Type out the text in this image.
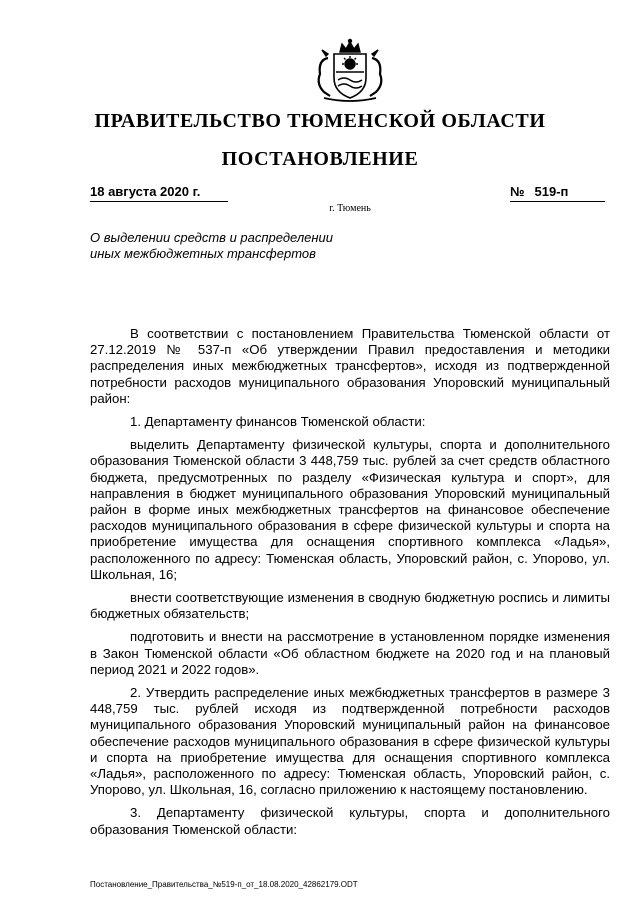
ПРАВИТЕЛЬСТВО ТЮМЕНСКОЙ ОБЛАСТИ
ПОСТАНОВЛЕНИЕ
18 августа 2020 г.	№ 519-п
г. Тюмень
О выделении средств и распределении иных межбюджетных трансфертов

В соответствии с постановлением Правительства Тюменской области от 27.12.2019 № 537-п «Об утверждении Правил предоставления и методики распределения иных межбюджетных трансфертов», исходя из подтвержденной потребности расходов муниципального образования Упоровский муниципальный район:

1. Департаменту финансов Тюменской области:

выделить Департаменту физической культуры, спорта и дополнительного образования Тюменской области 3 448,759 тыс. рублей за счет средств областного бюджета, предусмотренных по разделу «Физическая культура и спорт», для направления в бюджет муниципального образования Упоровский муниципальный район в форме иных межбюджетных трансфертов на финансовое обеспечение расходов муниципального образования в сфере физической культуры и спорта на приобретение имущества для оснащения спортивного комплекса «Ладья», расположенного по адресу: Тюменская область, Упоровский район, с. Упорово, ул. Школьная, 16;

внести соответствующие изменения в сводную бюджетную роспись и лимиты бюджетных обязательств;

подготовить и внести на рассмотрение в установленном порядке изменения в Закон Тюменской области «Об областном бюджете на 2020 год и на плановый период 2021 и 2022 годов».

2. Утвердить распределение иных межбюджетных трансфертов в размере 3 448,759 тыс. рублей исходя из подтвержденной потребности расходов муниципального образования Упоровский муниципальный район на финансовое обеспечение расходов муниципального образования в сфере физической культуры и спорта на приобретение имущества для оснащения спортивного комплекса «Ладья», расположенного по адресу: Тюменская область, Упоровский район, с. Упорово, ул. Школьная, 16, согласно приложению к настоящему постановлению.

3. Департаменту физической культуры, спорта и дополнительного образования Тюменской области:

Постановление_Правительства_№519-п_от_18.08.2020_42862179.ODT
